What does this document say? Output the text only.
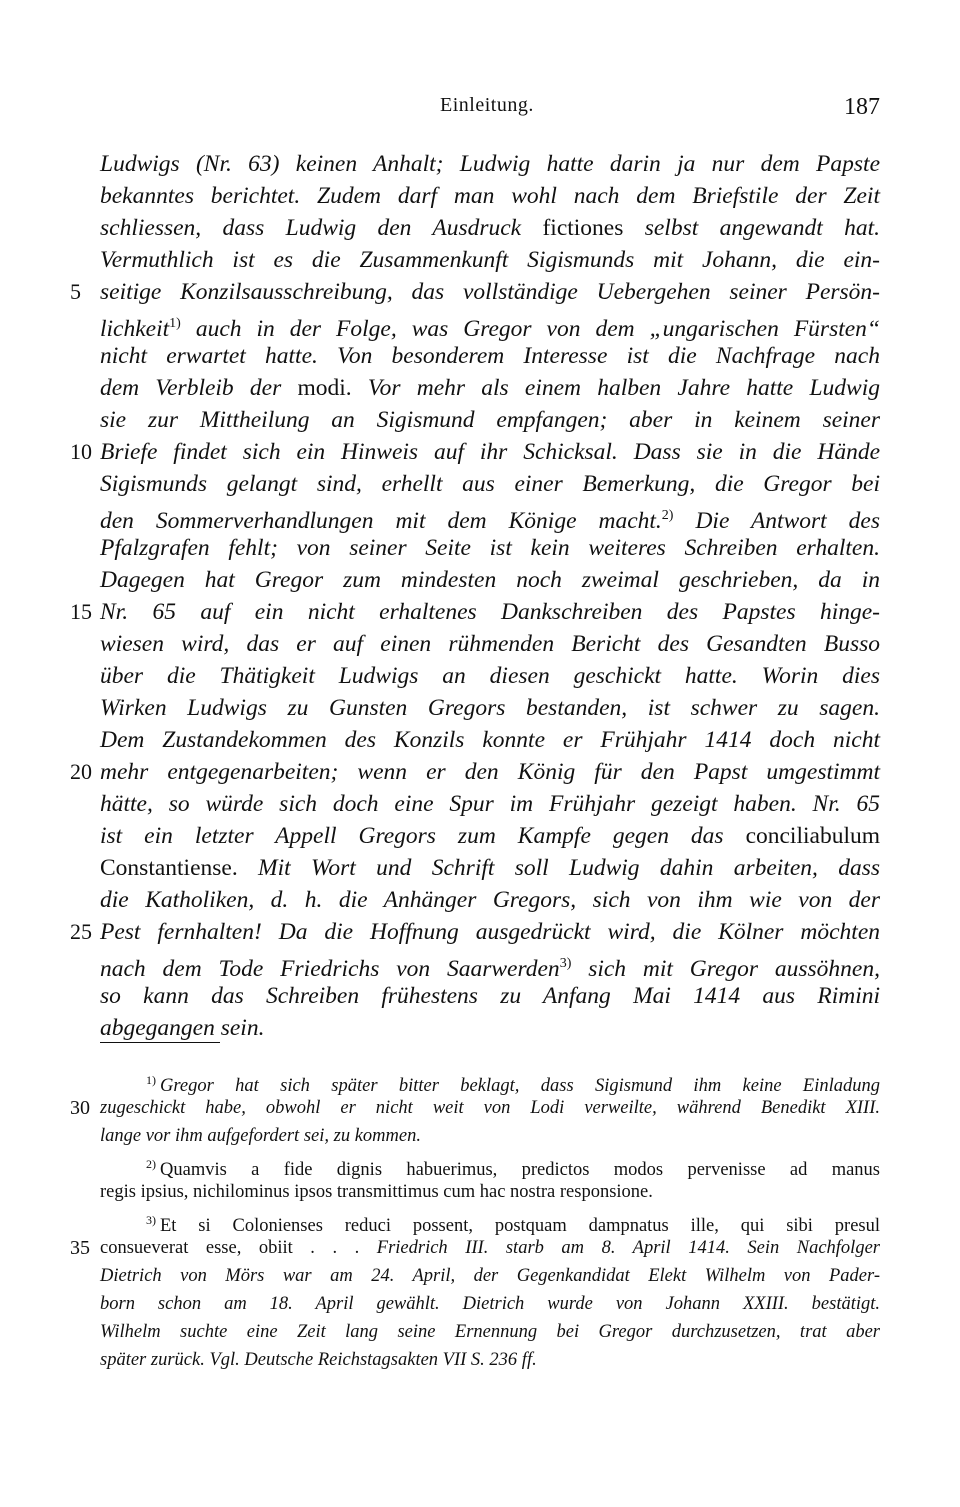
Einleitung.	187
Ludwigs (Nr. 63) keinen Anhalt; Ludwig hatte darin ja nur dem Papste
bekanntes berichtet. Zudem darf man wohl nach dem Briefstile der Zeit
schliessen, dass Ludwig den Ausdruck fictiones selbst angewandt hat.
Vermuthlich ist es die Zusammenkunft Sigismunds mit Johann, die ein-
5 seitige Konzilsausschreibung, das vollständige Uebergehen seiner Persön-
lichkeit$^{1)}$ auch in der Folge, was Gregor von dem „ungarischen Fürsten“
nicht erwartet hatte. Von besonderem Interesse ist die Nachfrage nach
dem Verbleib der modi. Vor mehr als einem halben Jahre hatte Ludwig
sie zur Mittheilung an Sigismund empfangen; aber in keinem seiner
10 Briefe findet sich ein Hinweis auf ihr Schicksal. Dass sie in die Hände
Sigismunds gelangt sind, erhellt aus einer Bemerkung, die Gregor bei
den Sommerverhandlungen mit dem Könige macht.$^{2)}$ Die Antwort des
Pfalzgrafen fehlt; von seiner Seite ist kein weiteres Schreiben erhalten.
Dagegen hat Gregor zum mindesten noch zweimal geschrieben, da in
15 Nr. 65 auf ein nicht erhaltenes Dankschreiben des Papstes hinge-
wiesen wird, das er auf einen rühmenden Bericht des Gesandten Busso
über die Thätigkeit Ludwigs an diesen geschickt hatte. Worin dies
Wirken Ludwigs zu Gunsten Gregors bestanden, ist schwer zu sagen.
Dem Zustandekommen des Konzils konnte er Frühjahr 1414 doch nicht
20 mehr entgegenarbeiten; wenn er den König für den Papst umgestimmt
hätte, so würde sich doch eine Spur im Frühjahr gezeigt haben. Nr. 65
ist ein letzter Appell Gregors zum Kampfe gegen das conciliabulum
Constantiense. Mit Wort und Schrift soll Ludwig dahin arbeiten, dass
die Katholiken, d. h. die Anhänger Gregors, sich von ihm wie von der
25 Pest fernhalten! Da die Hoffnung ausgedrückt wird, die Kölner möchten
nach dem Tode Friedrichs von Saarwerden$^{3)}$ sich mit Gregor aussöhnen,
so kann das Schreiben frühestens zu Anfang Mai 1414 aus Rimini
abgegangen sein.
$^{1)}$ Gregor hat sich später bitter beklagt, dass Sigismund ihm keine Einladung
30 zugeschickt habe, obwohl er nicht weit von Lodi verweilte, während Benedikt XIII.
lange vor ihm aufgefordert sei, zu kommen.
$^{2)}$ Quamvis a fide dignis habuerimus, predictos modos pervenisse ad manus
regis ipsius, nichilominus ipsos transmittimus cum hac nostra responsione.
$^{3)}$ Et si Colonienses reduci possent, postquam dampnatus ille, qui sibi presul
35 consueverat esse, obiit . . . Friedrich III. starb am 8. April 1414. Sein Nachfolger
Dietrich von Mörs war am 24. April, der Gegenkandidat Elekt Wilhelm von Pader-
born schon am 18. April gewählt. Dietrich wurde von Johann XXIII. bestätigt.
Wilhelm suchte eine Zeit lang seine Ernennung bei Gregor durchzusetzen, trat aber
später zurück. Vgl. Deutsche Reichstagsakten VII S. 236 ff.
